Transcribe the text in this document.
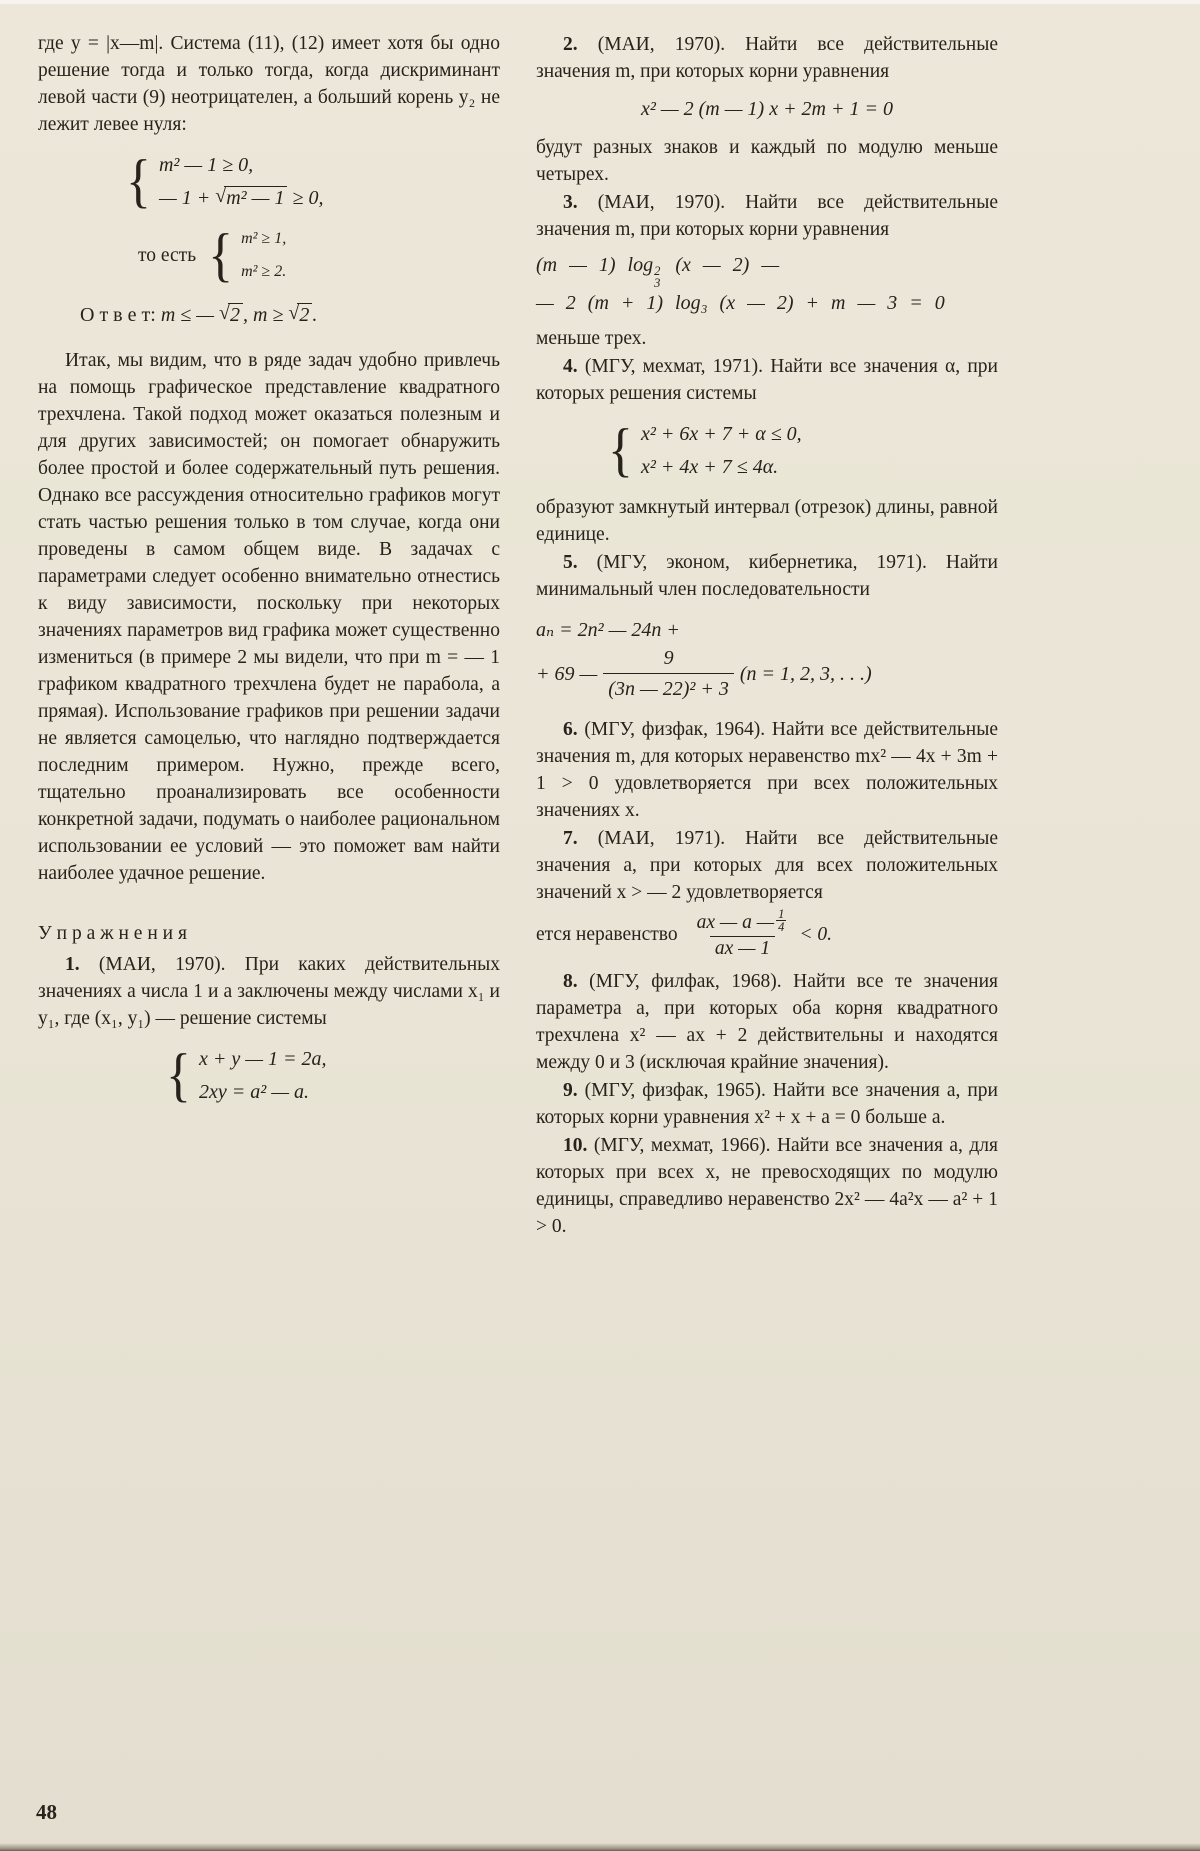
где y = |x—m|. Система (11), (12) имеет хотя бы одно решение тогда и только тогда, когда дискриминант левой части (9) неотрицателен, а больший корень y₂ не лежит левее нуля:

{ m² — 1 ≥ 0,
— 1 + √m² — 1 ≥ 0,
то есть { m² ≥ 1,
m² ≥ 2.
О т в е т: m ≤ — √2 , m ≥ √2 .

Итак, мы видим, что в ряде задач удобно привлечь на помощь графическое представление квадратного трехчлена. Такой подход может оказаться полезным и для других зависимостей; он помогает обнаружить более простой и более содержательный путь решения. Однако все рассуждения относительно графиков могут стать частью решения только в том случае, когда они проведены в самом общем виде. В задачах с параметрами следует особенно внимательно отнестись к виду зависимости, поскольку при некоторых значениях параметров вид графика может существенно измениться (в примере 2 мы видели, что при m = — 1 графиком квадратного трехчлена будет не парабола, а прямая). Использование графиков при решении задачи не является самоцелью, что наглядно подтверждается последним примером. Нужно, прежде всего, тщательно проанализировать все особенности конкретной задачи, подумать о наиболее рациональном использовании ее условий — это поможет вам найти наиболее удачное решение.

У п р а ж н е н и я

1. (МАИ, 1970). При каких действительных значениях a числа 1 и a заключены между числами x₁ и y₁, где (x₁, y₁) — решение системы

{ x + y — 1 = 2a,
2xy = a² — a.

2. (МАИ, 1970). Найти все действительные значения m, при которых корни уравнения

x² — 2 (m — 1) x + 2m + 1 = 0

будут разных знаков и каждый по модулю меньше четырех.

3. (МАИ, 1970). Найти все действительные значения m, при которых корни уравнения

(m — 1) log 2
3
(x — 2) —
— 2 (m + 1) log₃ (x — 2) + m — 3 = 0

меньше трех.

4. (МГУ, мехмат, 1971). Найти все значения α, при которых решения системы

{ x² + 6x + 7 + α ≤ 0,
x² + 4x + 7 ≤ 4α.

образуют замкнутый интервал (отрезок) длины, равной единице.

5. (МГУ, эконом, кибернетика, 1971). Найти минимальный член последовательности

aₙ = 2n² — 24n +
+ 69 — $\frac{9}{\text{(3n — 22)² + 3}} (n = 1$, 2, 3, . . .)

6. (МГУ, физфак, 1964). Найти все действительные значения m, для которых неравенство mx² — 4x + 3m + 1 > 0 удовлетворяется при всех положительных значениях x.

7. (МАИ, 1971). Найти все действительные значения a, при которых для всех положительных значений x > — 2 удовлетворяется

ется неравенство $\frac{ax — a — \frac{1}{4}}{ax — 1} < 0$.

8. (МГУ, филфак, 1968). Найти все те значения параметра a, при которых оба корня квадратного трехчлена x² — ax + 2 действительны и находятся между 0 и 3 (исключая крайние значения).

9. (МГУ, физфак, 1965). Найти все значения a, при которых корни уравнения x² + x + a = 0 больше a.

10. (МГУ, мехмат, 1966). Найти все значения a, для которых при всех x, не превосходящих по модулю единицы, справедливо неравенство 2x² — 4a²x — a² + 1 > 0.

48
